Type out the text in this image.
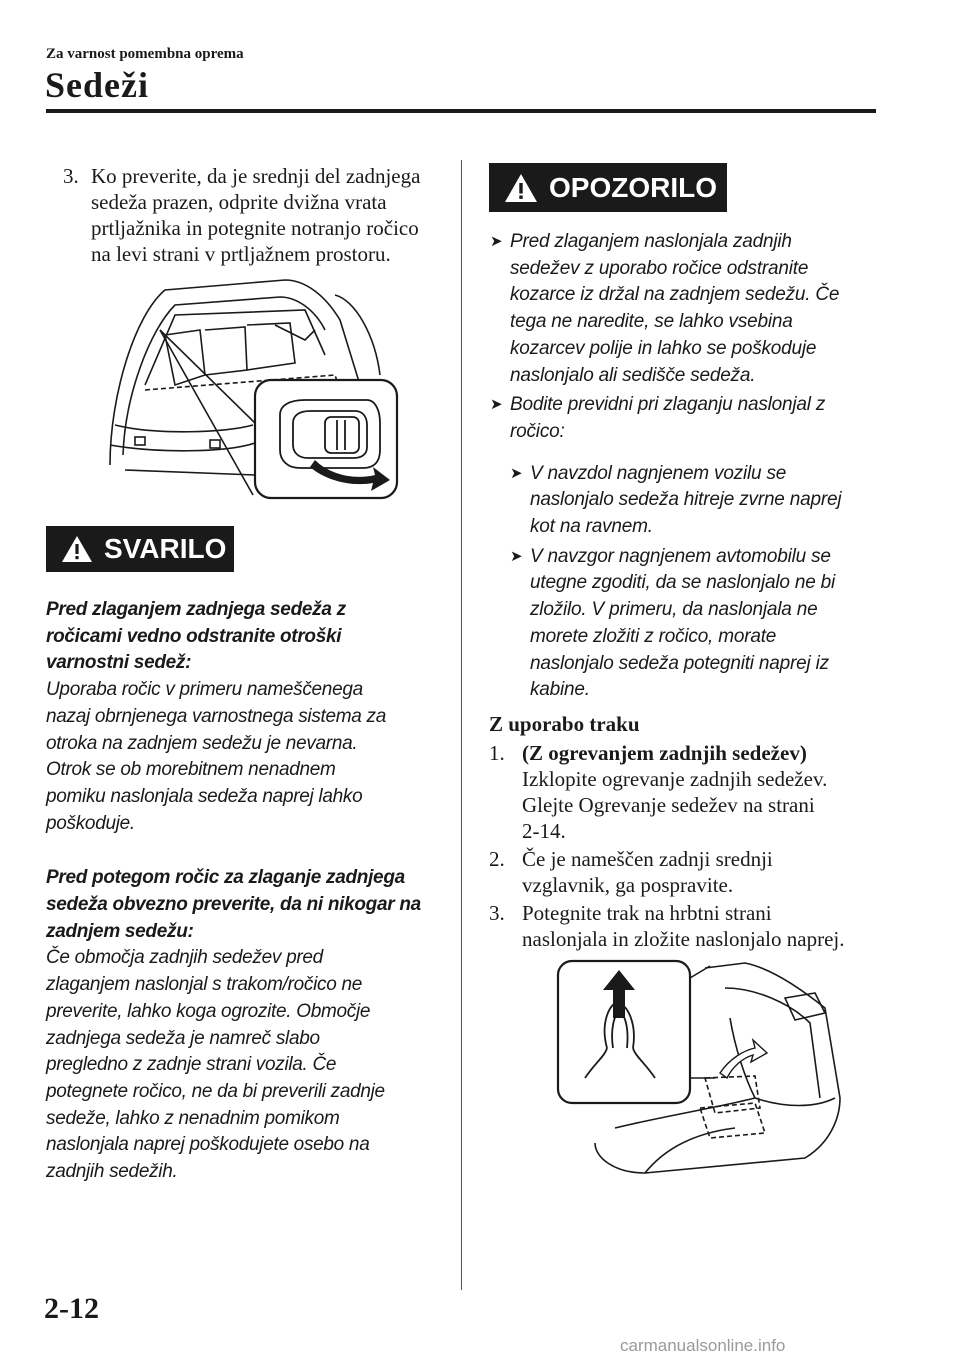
Za varnost pomembna oprema
Sedeži
3. Ko preverite, da je srednji del zadnjega
sedeža prazen, odprite dvižna vrata
prtljažnika in potegnite notranjo ročico
na levi strani v prtljažnem prostoru.
SVARILO
Pred zlaganjem zadnjega sedeža z
ročicami vedno odstranite otroški
varnostni sedež:
Uporaba ročic v primeru nameščenega
nazaj obrnjenega varnostnega sistema za
otroka na zadnjem sedežu je nevarna.
Otrok se ob morebitnem nenadnem
pomiku naslonjala sedeža naprej lahko
poškoduje.
Pred potegom ročic za zlaganje zadnjega
sedeža obvezno preverite, da ni nikogar na
zadnjem sedežu:
Če območja zadnjih sedežev pred
zlaganjem naslonjal s trakom/ročico ne
preverite, lahko koga ogrozite. Območje
zadnjega sedeža je namreč slabo
pregledno z zadnje strani vozila. Če
potegnete ročico, ne da bi preverili zadnje
sedeže, lahko z nenadnim pomikom
naslonjala naprej poškodujete osebo na
zadnjih sedežih.
OPOZORILO
➤ Pred zlaganjem naslonjala zadnjih
sedežev z uporabo ročice odstranite
kozarce iz držal na zadnjem sedežu. Če
tega ne naredite, se lahko vsebina
kozarcev polije in lahko se poškoduje
naslonjalo ali sedišče sedeža.
➤ Bodite previdni pri zlaganju naslonjal z
ročico:
➤ V navzdol nagnjenem vozilu se
naslonjalo sedeža hitreje zvrne naprej
kot na ravnem.
➤ V navzgor nagnjenem avtomobilu se
utegne zgoditi, da se naslonjalo ne bi
zložilo. V primeru, da naslonjala ne
morete zložiti z ročico, morate
naslonjalo sedeža potegniti naprej iz
kabine.
Z uporabo traku
1. (Z ogrevanjem zadnjih sedežev)
Izklopite ogrevanje zadnjih sedežev.
Glejte Ogrevanje sedežev na strani
2-14.
2. Če je nameščen zadnji srednji
vzglavnik, ga pospravite.
3. Potegnite trak na hrbtni strani
naslonjala in zložite naslonjalo naprej.
2-12
carmanualsonline.info
